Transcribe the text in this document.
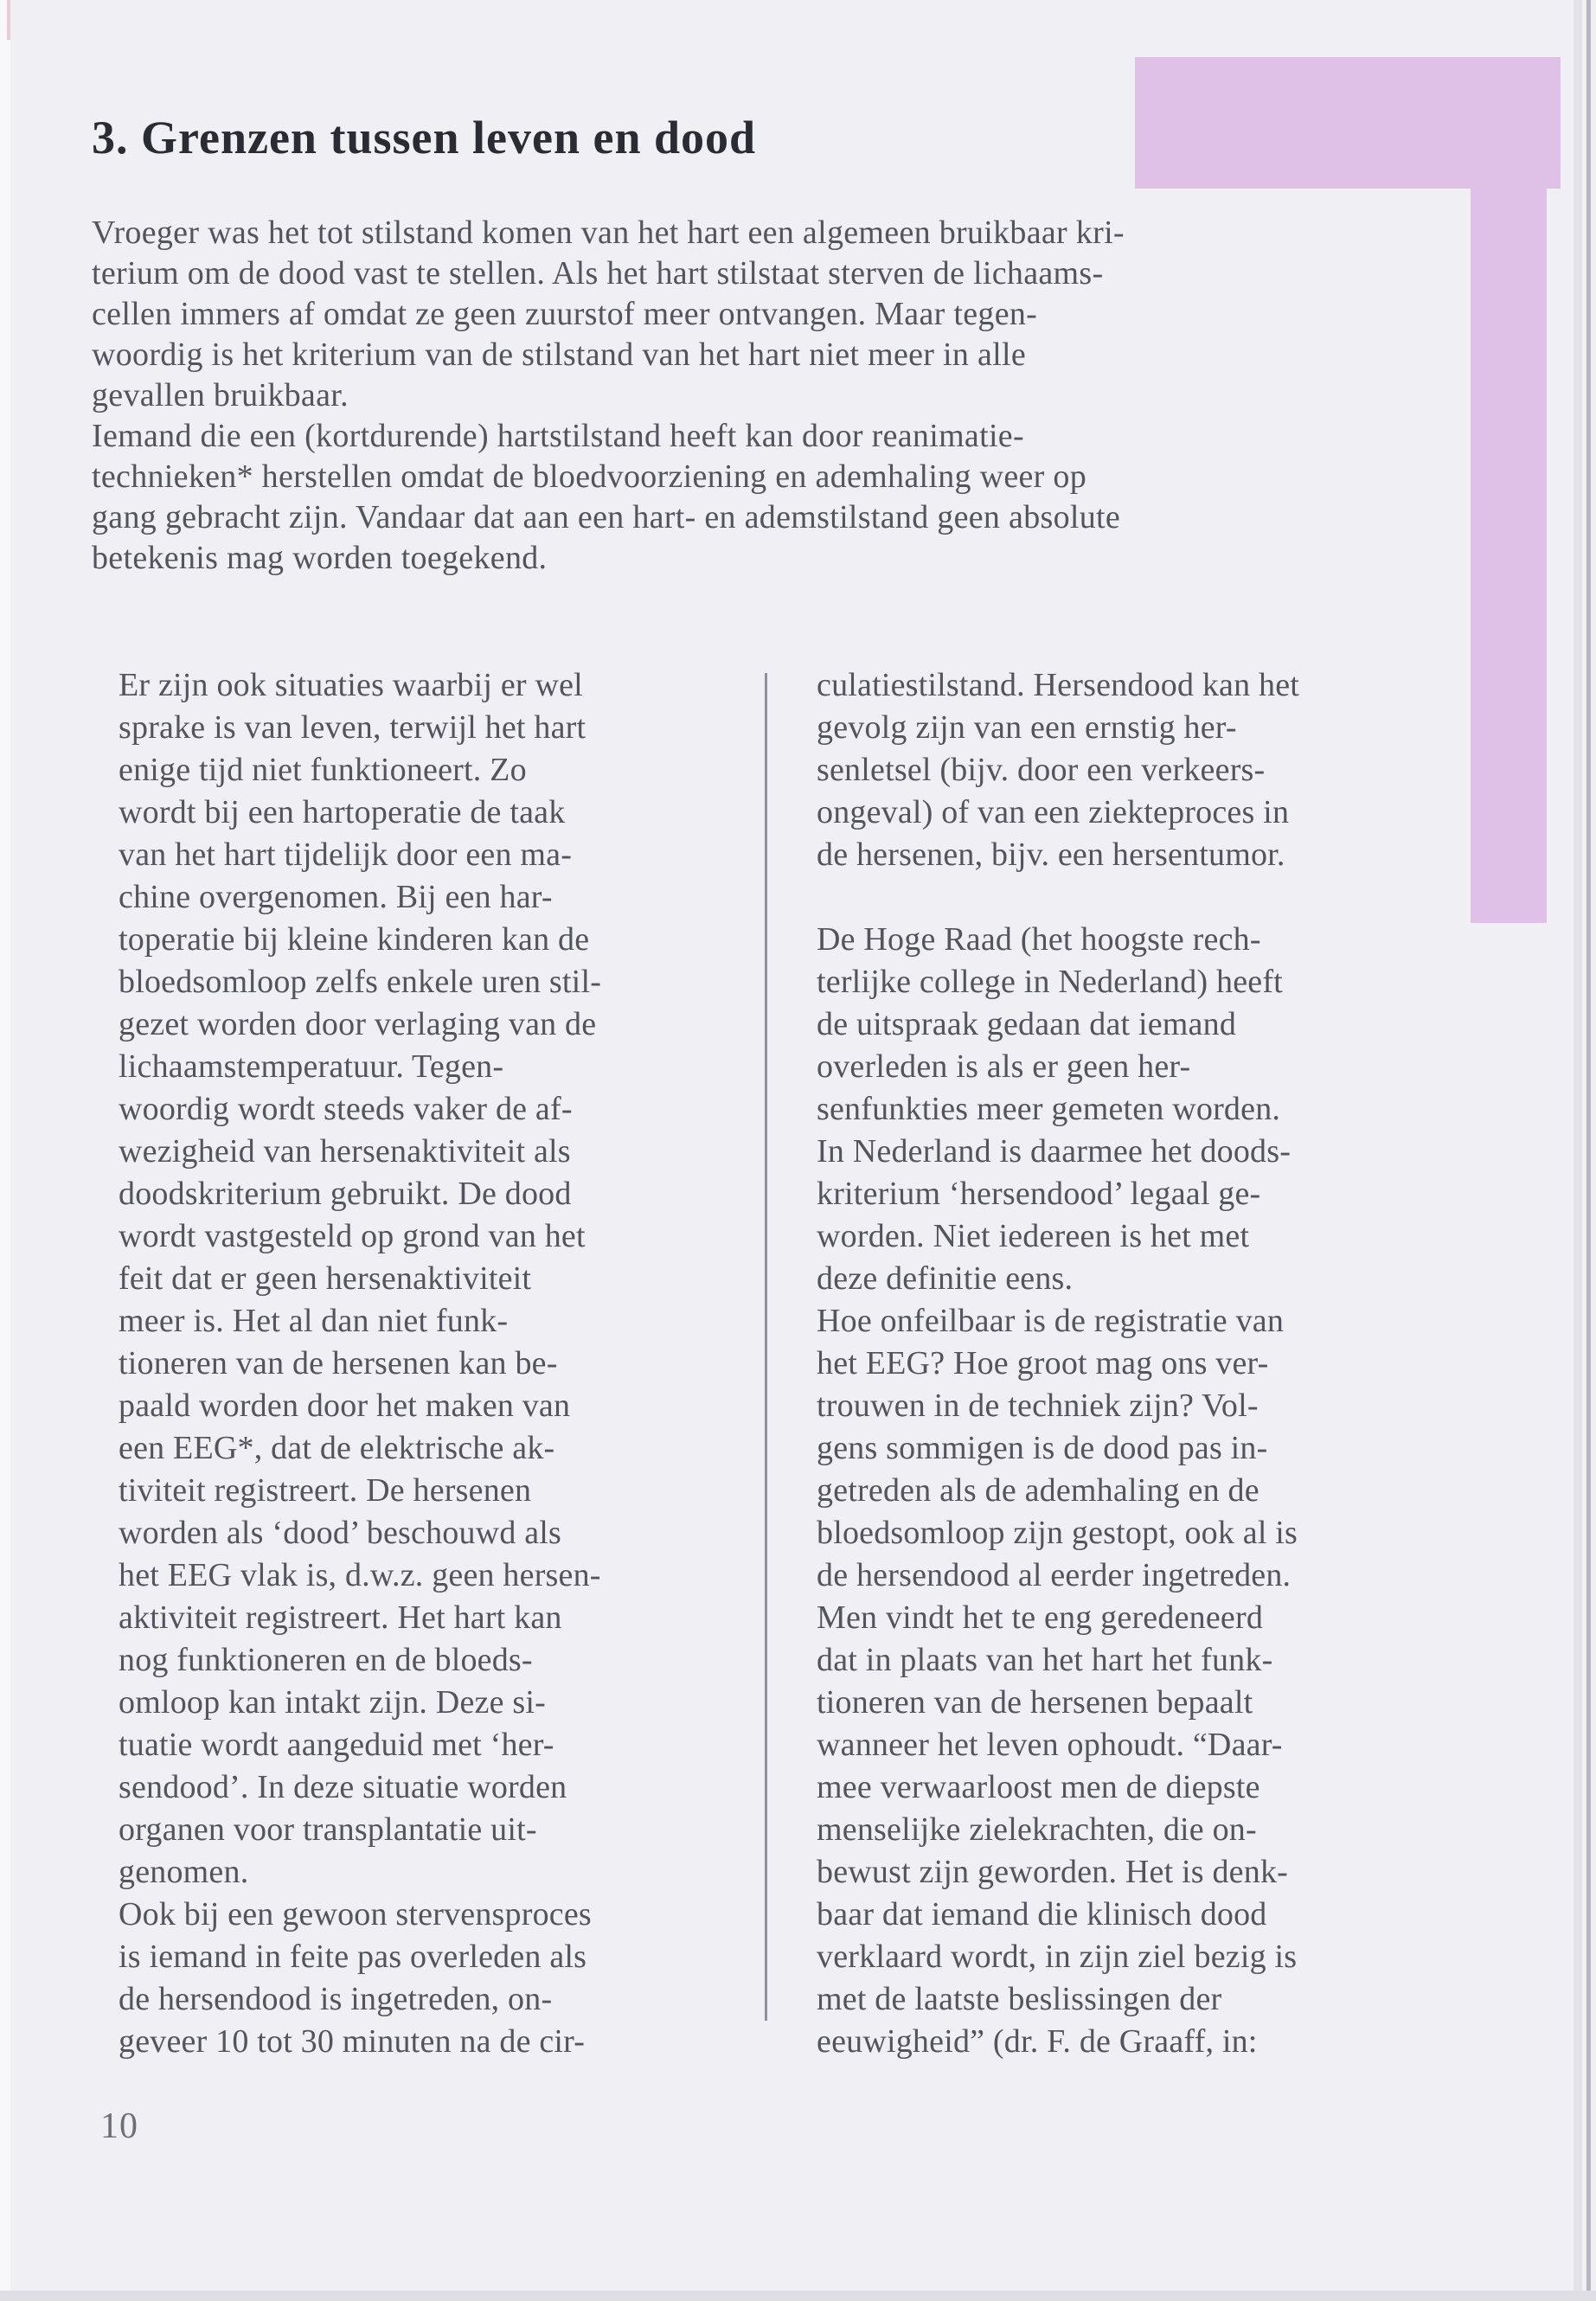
3. Grenzen tussen leven en dood
Vroeger was het tot stilstand komen van het hart een algemeen bruikbaar kri-
terium om de dood vast te stellen. Als het hart stilstaat sterven de lichaams-
cellen immers af omdat ze geen zuurstof meer ontvangen. Maar tegen-
woordig is het kriterium van de stilstand van het hart niet meer in alle
gevallen bruikbaar.
Iemand die een (kortdurende) hartstilstand heeft kan door reanimatie-
technieken* herstellen omdat de bloedvoorziening en ademhaling weer op
gang gebracht zijn. Vandaar dat aan een hart- en ademstilstand geen absolute
betekenis mag worden toegekend.
Er zijn ook situaties waarbij er wel
sprake is van leven, terwijl het hart
enige tijd niet funktioneert. Zo
wordt bij een hartoperatie de taak
van het hart tijdelijk door een ma-
chine overgenomen. Bij een har-
toperatie bij kleine kinderen kan de
bloedsomloop zelfs enkele uren stil-
gezet worden door verlaging van de
lichaamstemperatuur. Tegen-
woordig wordt steeds vaker de af-
wezigheid van hersenaktiviteit als
doodskriterium gebruikt. De dood
wordt vastgesteld op grond van het
feit dat er geen hersenaktiviteit
meer is. Het al dan niet funk-
tioneren van de hersenen kan be-
paald worden door het maken van
een EEG*, dat de elektrische ak-
tiviteit registreert. De hersenen
worden als ‘dood’ beschouwd als
het EEG vlak is, d.w.z. geen hersen-
aktiviteit registreert. Het hart kan
nog funktioneren en de bloeds-
omloop kan intakt zijn. Deze si-
tuatie wordt aangeduid met ‘her-
sendood’. In deze situatie worden
organen voor transplantatie uit-
genomen.
Ook bij een gewoon stervensproces
is iemand in feite pas overleden als
de hersendood is ingetreden, on-
geveer 10 tot 30 minuten na de cir-
culatiestilstand. Hersendood kan het
gevolg zijn van een ernstig her-
senletsel (bijv. door een verkeers-
ongeval) of van een ziekteproces in
de hersenen, bijv. een hersentumor.
De Hoge Raad (het hoogste rech-
terlijke college in Nederland) heeft
de uitspraak gedaan dat iemand
overleden is als er geen her-
senfunkties meer gemeten worden.
In Nederland is daarmee het doods-
kriterium ‘hersendood’ legaal ge-
worden. Niet iedereen is het met
deze definitie eens.
Hoe onfeilbaar is de registratie van
het EEG? Hoe groot mag ons ver-
trouwen in de techniek zijn? Vol-
gens sommigen is de dood pas in-
getreden als de ademhaling en de
bloedsomloop zijn gestopt, ook al is
de hersendood al eerder ingetreden.
Men vindt het te eng geredeneerd
dat in plaats van het hart het funk-
tioneren van de hersenen bepaalt
wanneer het leven ophoudt. “Daar-
mee verwaarloost men de diepste
menselijke zielekrachten, die on-
bewust zijn geworden. Het is denk-
baar dat iemand die klinisch dood
verklaard wordt, in zijn ziel bezig is
met de laatste beslissingen der
eeuwigheid” (dr. F. de Graaff, in:
10
